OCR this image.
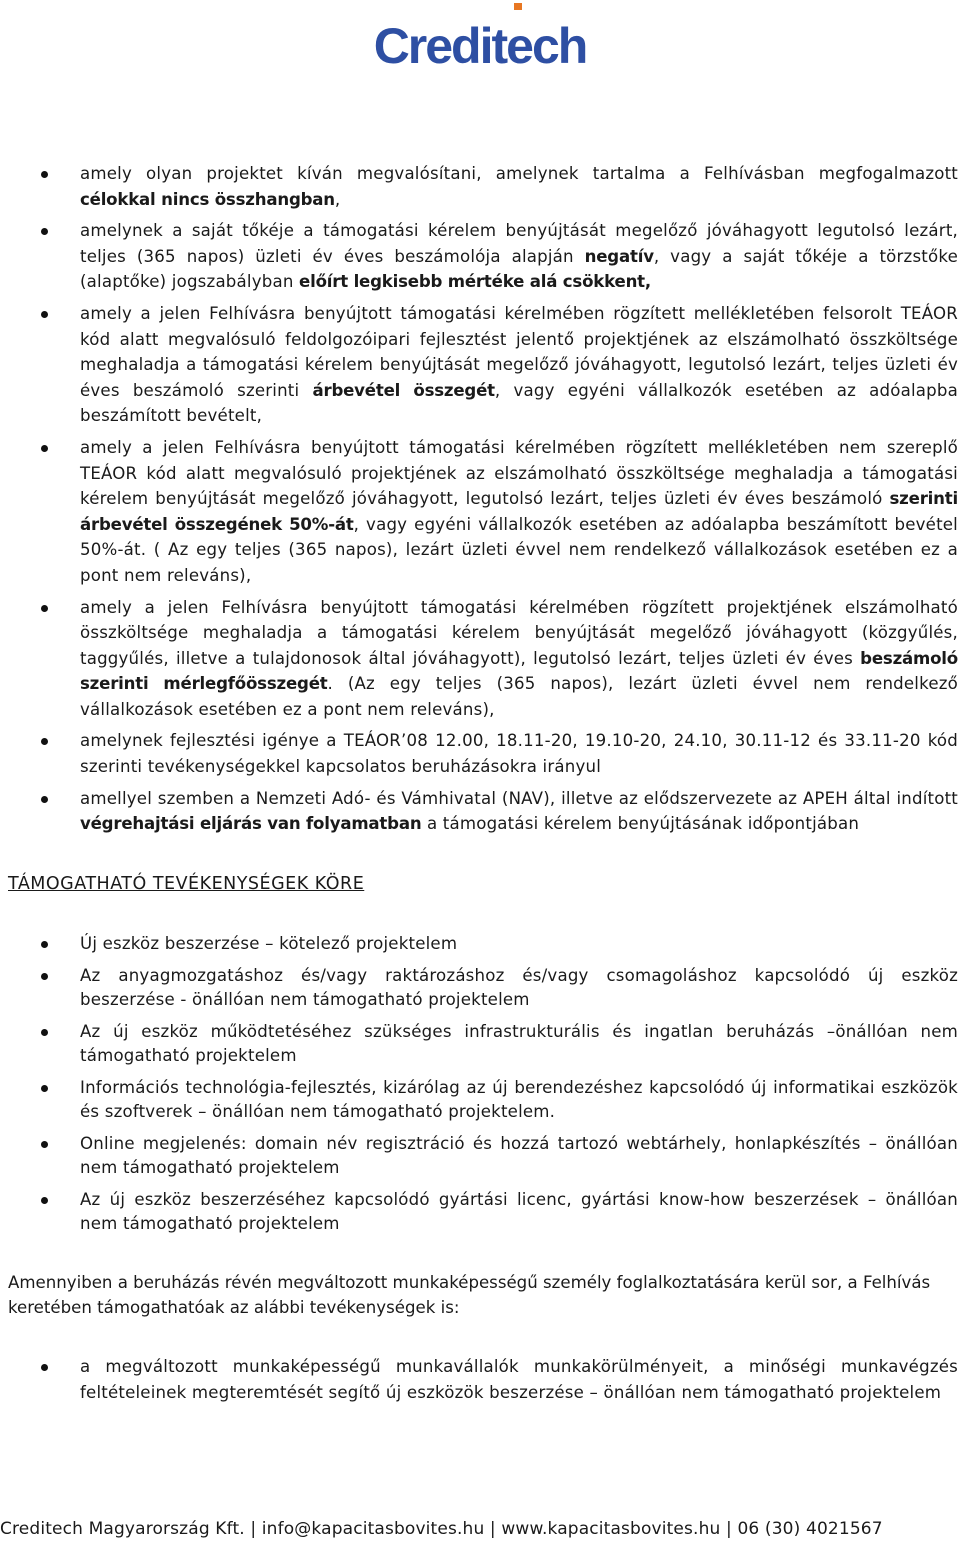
Creditech
amely olyan projektet kíván megvalósítani, amelynek tartalma a Felhívásban megfogalmazott célokkal nincs összhangban,
amelynek a saját tőkéje a támogatási kérelem benyújtását megelőző jóváhagyott legutolsó lezárt, teljes (365 napos) üzleti év éves beszámolója alapján negatív, vagy a saját tőkéje a törzstőke (alaptőke) jogszabályban előírt legkisebb mértéke alá csökkent,
amely a jelen Felhívásra benyújtott támogatási kérelmében rögzített mellékletében felsorolt TEÁOR kód alatt megvalósuló feldolgozóipari fejlesztést jelentő projektjének az elszámolható összköltsége meghaladja a támogatási kérelem benyújtását megelőző jóváhagyott, legutolsó lezárt, teljes üzleti év éves beszámoló szerinti árbevétel összegét, vagy egyéni vállalkozók esetében az adóalapba beszámított bevételt,
amely a jelen Felhívásra benyújtott támogatási kérelmében rögzített mellékletében nem szereplő TEÁOR kód alatt megvalósuló projektjének az elszámolható összköltsége meghaladja a támogatási kérelem benyújtását megelőző jóváhagyott, legutolsó lezárt, teljes üzleti év éves beszámoló szerinti árbevétel összegének 50%-át, vagy egyéni vállalkozók esetében az adóalapba beszámított bevétel 50%-át. ( Az egy teljes (365 napos), lezárt üzleti évvel nem rendelkező vállalkozások esetében ez a pont nem releváns),
amely a jelen Felhívásra benyújtott támogatási kérelmében rögzített projektjének elszámolható összköltsége meghaladja a támogatási kérelem benyújtását megelőző jóváhagyott (közgyűlés, taggyűlés, illetve a tulajdonosok által jóváhagyott), legutolsó lezárt, teljes üzleti év éves beszámoló szerinti mérlegfőösszegét. (Az egy teljes (365 napos), lezárt üzleti évvel nem rendelkező vállalkozások esetében ez a pont nem releváns),
amelynek fejlesztési igénye a TEÁOR’08 12.00, 18.11-20, 19.10-20, 24.10, 30.11-12 és 33.11-20 kód szerinti tevékenységekkel kapcsolatos beruházásokra irányul
amellyel szemben a Nemzeti Adó- és Vámhivatal (NAV), illetve az elődszervezete az APEH által indított végrehajtási eljárás van folyamatban a támogatási kérelem benyújtásának időpontjában
TÁMOGATHATÓ TEVÉKENYSÉGEK KÖRE
Új eszköz beszerzése – kötelező projektelem
Az anyagmozgatáshoz és/vagy raktározáshoz és/vagy csomagoláshoz kapcsolódó új eszköz beszerzése - önállóan nem támogatható projektelem
Az új eszköz működtetéséhez szükséges infrastrukturális és ingatlan beruházás –önállóan nem támogatható projektelem
Információs technológia-fejlesztés, kizárólag az új berendezéshez kapcsolódó új informatikai eszközök és szoftverek – önállóan nem támogatható projektelem.
Online megjelenés: domain név regisztráció és hozzá tartozó webtárhely, honlapkészítés – önállóan nem támogatható projektelem
Az új eszköz beszerzéséhez kapcsolódó gyártási licenc, gyártási know-how beszerzések – önállóan nem támogatható projektelem
Amennyiben a beruházás révén megváltozott munkaképességű személy foglalkoztatására kerül sor, a Felhívás keretében támogathatóak az alábbi tevékenységek is:
a megváltozott munkaképességű munkavállalók munkakörülményeit, a minőségi munkavégzés feltételeinek megteremtését segítő új eszközök beszerzése – önállóan nem támogatható projektelem
Creditech Magyarország Kft. | info@kapacitasbovites.hu | www.kapacitasbovites.hu | 06 (30) 4021567
